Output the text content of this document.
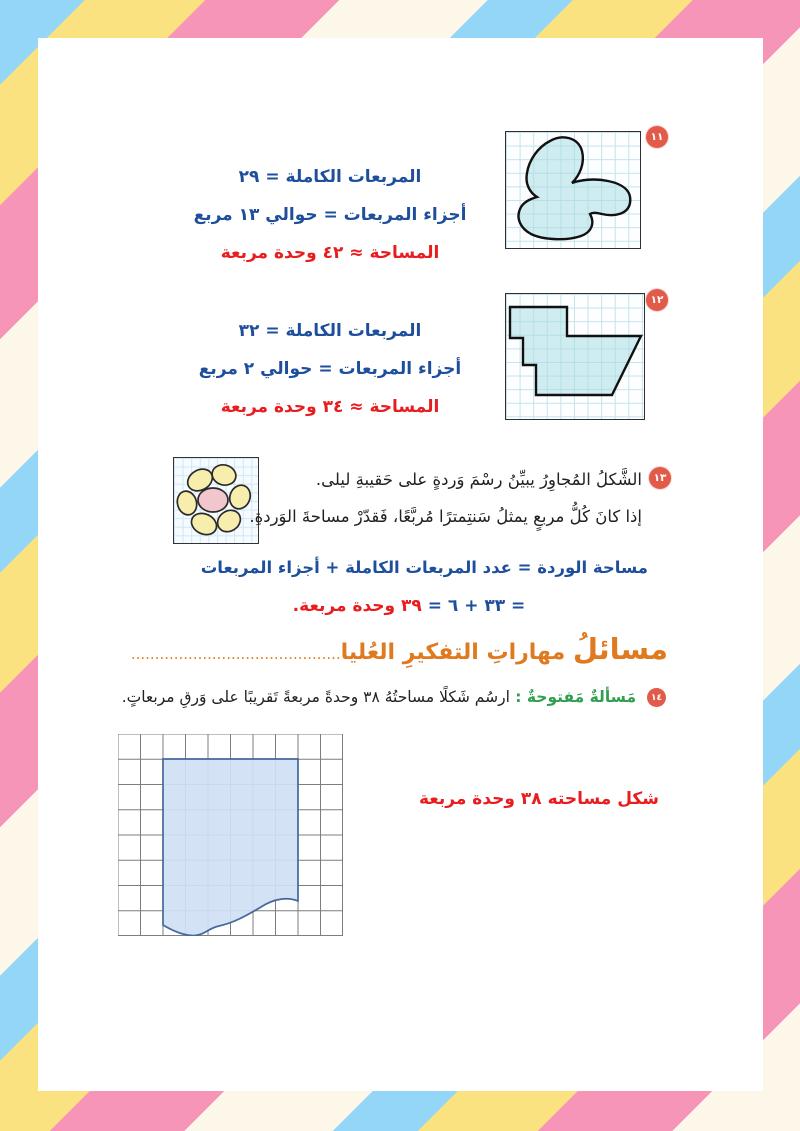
١١
المربعات الكاملة = ٢٩
أجزاء المربعات = حوالي ١٣ مربع
المساحة ≈ ٤٢ وحدة مربعة
١٢
المربعات الكاملة = ٣٢
أجزاء المربعات = حوالي ٢ مربع
المساحة ≈ ٣٤ وحدة مربعة
١٣
الشَّكلُ المُجاوِرُ يبيِّنُ رسْمَ وَردةٍ على حَقيبةِ ليلى.
إذا كانَ كُلُّ مربعٍ يمثلُ سَنتِمترًا مُربَّعًا، فَقدّرْ مساحةَ الوَردةِ.
مساحة الوردة = عدد المربعات الكاملة + أجزاء المربعات
= ٣٣ + ٦ = ٣٩ وحدة مربعة.
مسائلُ مهاراتِ التفكيرِ العُليا............................................
١٤ مَسألةٌ مَفتوحةٌ : ارسُم شَكلًا مساحتُهُ ٣٨ وحدةً مربعةً تَقريبًا على وَرقِ مربعاتٍ.
شكل مساحته ٣٨ وحدة مربعة
